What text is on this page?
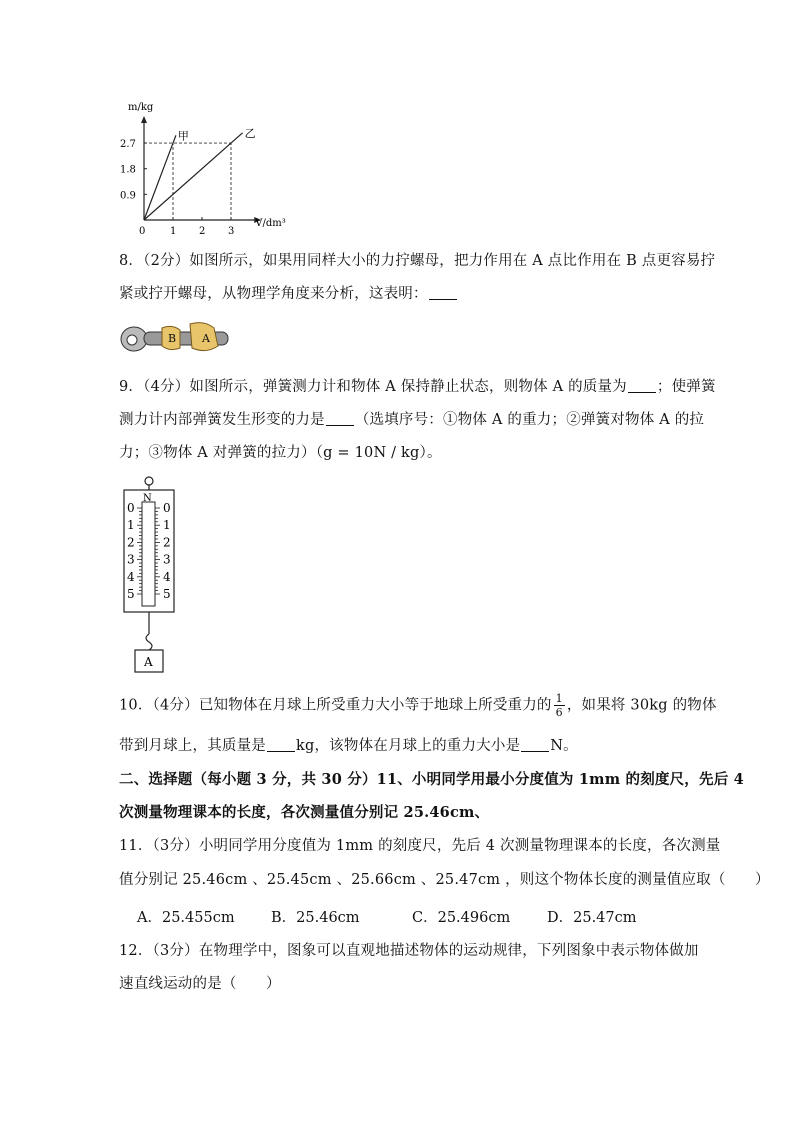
甲	乙
0 1 2 3
0.9
1.8
2.7
m/kg
V/dm³
8．（2分）如图所示，如果用同样大小的力拧螺母，把力作用在 A 点比作用在 B 点更容易拧
紧或拧开螺母，从物理学角度来分析，这表明：
B A
9．（4分）如图所示，弹簧测力计和物体 A 保持静止状态，则物体 A 的质量为 ；使弹簧
测力计内部弹簧发生形变的力是 （选填序号：①物体 A 的重力；②弹簧对物体 A 的拉
力；③物体 A 对弹簧的拉力）（g = 10N / kg）。
N
0 0
1 1
2 2
3 3
4 4
5 5
A
10．（4分）已知物体在月球上所受重力大小等于地球上所受重力的 $\frac{1}{6}$ ，如果将 30kg 的物体
带到月球上，其质量是 kg，该物体在月球上的重力大小是 N。
二、选择题（每小题 3 分，共 30 分）11、小明同学用最小分度值为 1mm 的刻度尺，先后 4
次测量物理课本的长度，各次测量值分别记 25.46cm、
11．（3分）小明同学用分度值为 1mm 的刻度尺，先后 4 次测量物理课本的长度，各次测量
值分别记 25.46cm 、25.45cm 、25.66cm 、25.47cm ，则这个物体长度的测量值应取（　　）
A．25.455cm	B．25.46cm	C．25.496cm	D．25.47cm
12．（3分）在物理学中，图象可以直观地描述物体的运动规律，下列图象中表示物体做加
速直线运动的是（　　）
